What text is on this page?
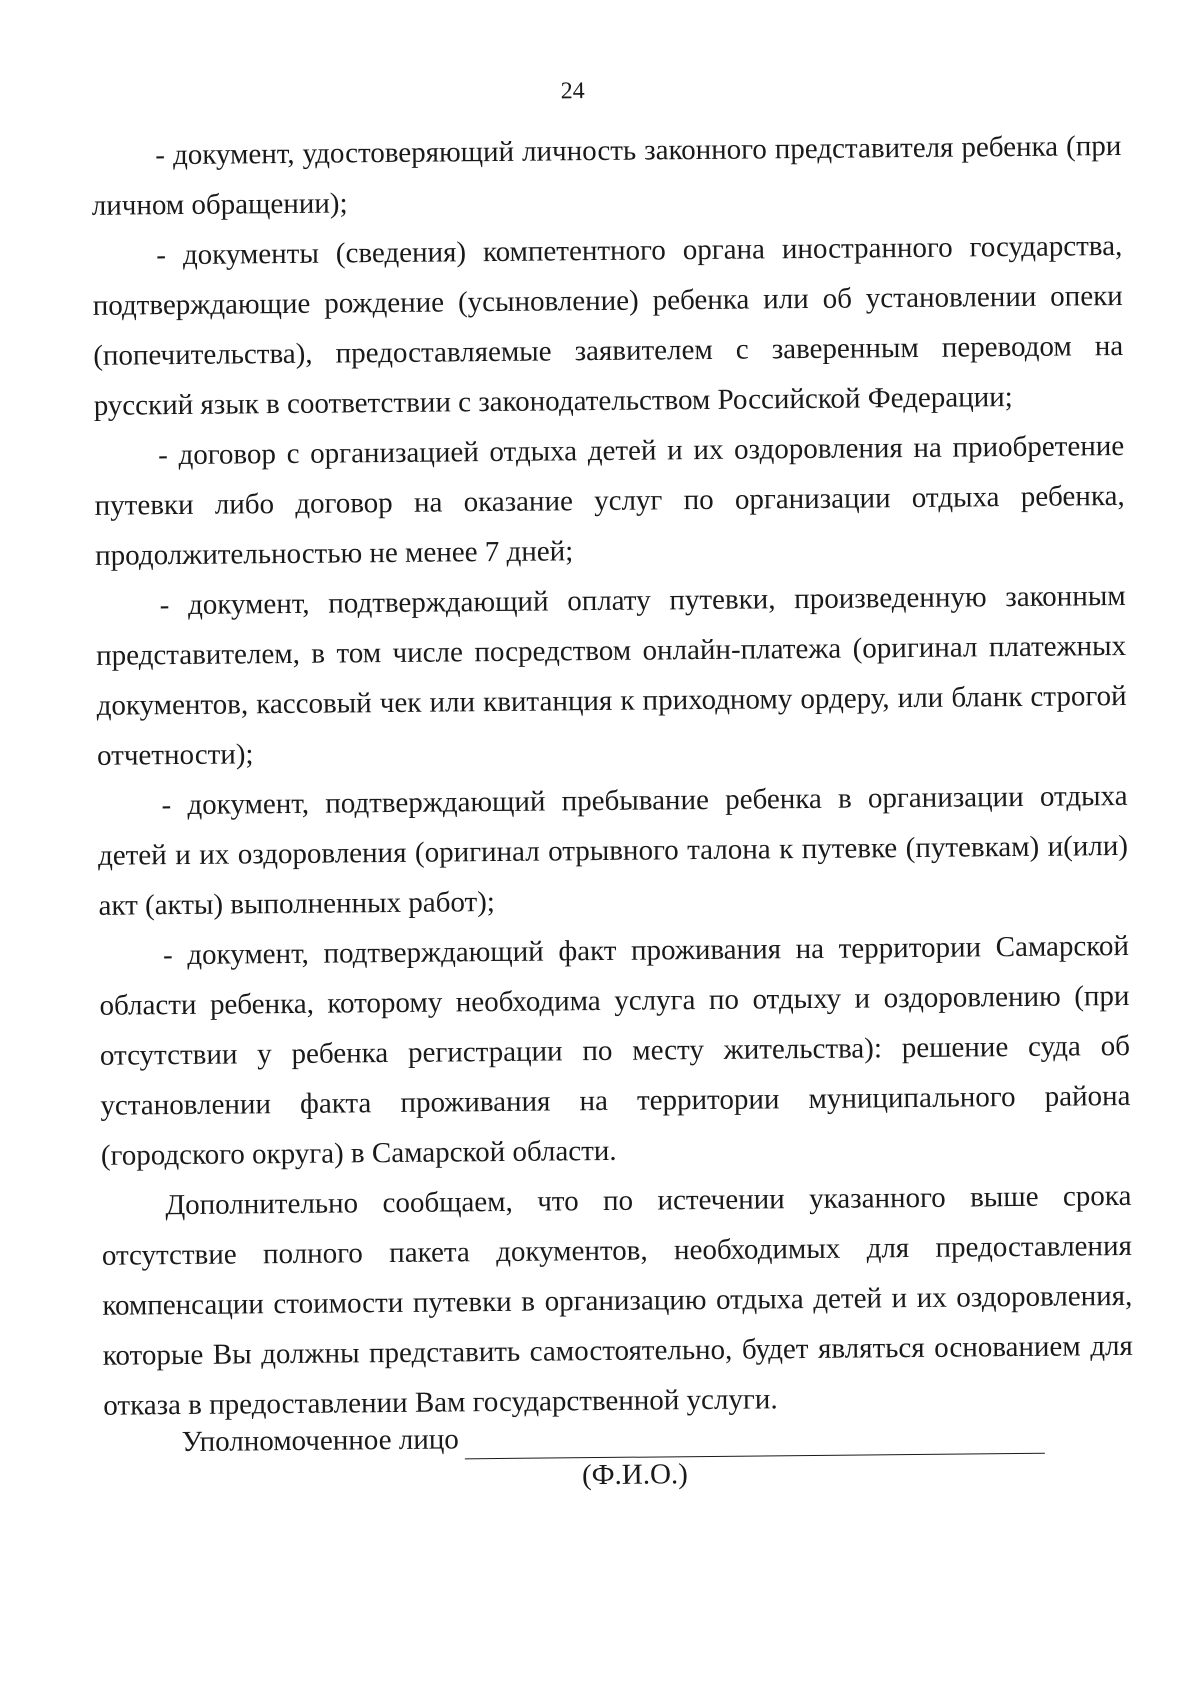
24

- документ, удостоверяющий личность законного представителя ребенка (при личном обращении);

- документы (сведения) компетентного органа иностранного государства, подтверждающие рождение (усыновление) ребенка или об установлении опеки (попечительства), предоставляемые заявителем с заверенным переводом на русский язык в соответствии с законодательством Российской Федерации;

- договор с организацией отдыха детей и их оздоровления на приобретение путевки либо договор на оказание услуг по организации отдыха ребенка, продолжительностью не менее 7 дней;

- документ, подтверждающий оплату путевки, произведенную законным представителем, в том числе посредством онлайн-платежа (оригинал платежных документов, кассовый чек или квитанция к приходному ордеру, или бланк строгой отчетности);

- документ, подтверждающий пребывание ребенка в организации отдыха детей и их оздоровления (оригинал отрывного талона к путевке (путевкам) и(или) акт (акты) выполненных работ);

- документ, подтверждающий факт проживания на территории Самарской области ребенка, которому необходима услуга по отдыху и оздоровлению (при отсутствии у ребенка регистрации по месту жительства): решение суда об установлении факта проживания на территории муниципального района (городского округа) в Самарской области.

Дополнительно сообщаем, что по истечении указанного выше срока отсутствие полного пакета документов, необходимых для предоставления компенсации стоимости путевки в организацию отдыха детей и их оздоровления, которые Вы должны представить самостоятельно, будет являться основанием для отказа в предоставлении Вам государственной услуги.

Уполномоченное лицо

(Ф.И.О.)
